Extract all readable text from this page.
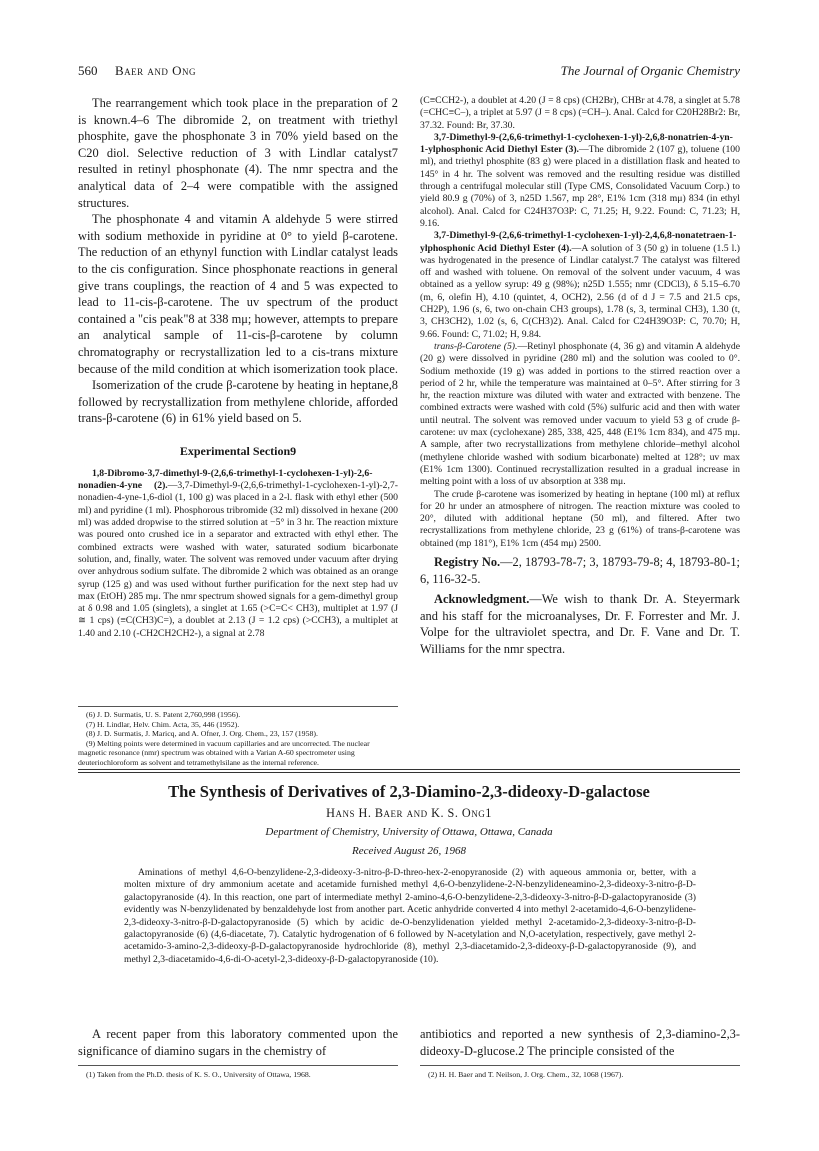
560 Baer and Ong	The Journal of Organic Chemistry

The rearrangement which took place in the preparation of 2 is known.4–6 The dibromide 2, on treatment with triethyl phosphite, gave the phosphonate 3 in 70% yield based on the C20 diol. Selective reduction of 3 with Lindlar catalyst7 resulted in retinyl phosphonate (4). The nmr spectra and the analytical data of 2–4 were compatible with the assigned structures.

The phosphonate 4 and vitamin A aldehyde 5 were stirred with sodium methoxide in pyridine at 0° to yield β-carotene. The reduction of an ethynyl function with Lindlar catalyst leads to the cis configuration. Since phosphonate reactions in general give trans couplings, the reaction of 4 and 5 was expected to lead to 11-cis-β-carotene. The uv spectrum of the product contained a "cis peak"8 at 338 mμ; however, attempts to prepare an analytical sample of 11-cis-β-carotene by column chromatography or recrystallization led to a cis-trans mixture because of the mild condition at which isomerization took place.

Isomerization of the crude β-carotene by heating in heptane,8 followed by recrystallization from methylene chloride, afforded trans-β-carotene (6) in 61% yield based on 5.

Experimental Section9

1,8-Dibromo-3,7-dimethyl-9-(2,6,6-trimethyl-1-cyclohexen-1-yl)-2,6-nonadien-4-yne (2).—3,7-Dimethyl-9-(2,6,6-trimethyl-1-cyclohexen-1-yl)-2,7-nonadien-4-yne-1,6-diol (1, 100 g) was placed in a 2-l. flask with ethyl ether (500 ml) and pyridine (1 ml). Phosphorous tribromide (32 ml) dissolved in hexane (200 ml) was added dropwise to the stirred solution at −5° in 3 hr. The reaction mixture was poured onto crushed ice in a separator and extracted with ethyl ether. The combined extracts were washed with water, saturated sodium bicarbonate solution, and, finally, water. The solvent was removed under vacuum after drying over anhydrous sodium sulfate. The dibromide 2 which was obtained as an orange syrup (125 g) and was used without further purification for the next step had uv max (EtOH) 285 mμ. The nmr spectrum showed signals for a gem-dimethyl group at δ 0.98 and 1.05 (singlets), a singlet at 1.65 (>C=C< CH3), multiplet at 1.97 (J ≅ 1 cps) (≡C(CH3)C=), a doublet at 2.13 (J = 1.2 cps) (>CCH3), a multiplet at 1.40 and 2.10 (-CH2CH2CH2-), a signal at 2.78

(6) J. D. Surmatis, U. S. Patent 2,760,998 (1956).

(7) H. Lindlar, Helv. Chim. Acta, 35, 446 (1952).

(8) J. D. Surmatis, J. Maricq, and A. Ofner, J. Org. Chem., 23, 157 (1958).

(9) Melting points were determined in vacuum capillaries and are uncorrected. The nuclear magnetic resonance (nmr) spectrum was obtained with a Varian A-60 spectrometer using deuteriochloroform as solvent and tetramethylsilane as the internal reference.

(C≡CCH2-), a doublet at 4.20 (J = 8 cps) (CH2Br), CHBr at 4.78, a singlet at 5.78 (=CHC≡C–), a triplet at 5.97 (J = 8 cps) (=CH–). Anal. Calcd for C20H28Br2: Br, 37.32. Found: Br, 37.30.

3,7-Dimethyl-9-(2,6,6-trimethyl-1-cyclohexen-1-yl)-2,6,8-nonatrien-4-yn-1-ylphosphonic Acid Diethyl Ester (3).—The dibromide 2 (107 g), toluene (100 ml), and triethyl phosphite (83 g) were placed in a distillation flask and heated to 145° in 4 hr. The solvent was removed and the resulting residue was distilled through a centrifugal molecular still (Type CMS, Consolidated Vacuum Corp.) to yield 80.9 g (70%) of 3, n25D 1.567, mp 28°, E1% 1cm (318 mμ) 834 (in ethyl alcohol). Anal. Calcd for C24H37O3P: C, 71.25; H, 9.22. Found: C, 71.23; H, 9.16.

3,7-Dimethyl-9-(2,6,6-trimethyl-1-cyclohexen-1-yl)-2,4,6,8-nonatetraen-1-ylphosphonic Acid Diethyl Ester (4).—A solution of 3 (50 g) in toluene (1.5 l.) was hydrogenated in the presence of Lindlar catalyst.7 The catalyst was filtered off and washed with toluene. On removal of the solvent under vacuum, 4 was obtained as a yellow syrup: 49 g (98%); n25D 1.555; nmr (CDCl3), δ 5.15–6.70 (m, 6, olefin H), 4.10 (quintet, 4, OCH2), 2.56 (d of d J = 7.5 and 21.5 cps, CH2P), 1.96 (s, 6, two on-chain CH3 groups), 1.78 (s, 3, terminal CH3), 1.30 (t, 3, CH3CH2), 1.02 (s, 6, C(CH3)2). Anal. Calcd for C24H39O3P: C, 70.70; H, 9.66. Found: C, 71.02; H, 9.84.

trans-β-Carotene (5).—Retinyl phosphonate (4, 36 g) and vitamin A aldehyde (20 g) were dissolved in pyridine (280 ml) and the solution was cooled to 0°. Sodium methoxide (19 g) was added in portions to the stirred reaction over a period of 2 hr, while the temperature was maintained at 0–5°. After stirring for 3 hr, the reaction mixture was diluted with water and extracted with benzene. The combined extracts were washed with cold (5%) sulfuric acid and then with water until neutral. The solvent was removed under vacuum to yield 53 g of crude β-carotene: uv max (cyclohexane) 285, 338, 425, 448 (E1% 1cm 834), and 475 mμ. A sample, after two recrystallizations from methylene chloride–methyl alcohol (methylene chloride washed with sodium bicarbonate) melted at 128°; uv max (E1% 1cm 1300). Continued recrystallization resulted in a gradual increase in melting point with a loss of uv absorption at 338 mμ.

The crude β-carotene was isomerized by heating in heptane (100 ml) at reflux for 20 hr under an atmosphere of nitrogen. The reaction mixture was cooled to 20°, diluted with additional heptane (50 ml), and filtered. After two recrystallizations from methylene chloride, 23 g (61%) of trans-β-carotene was obtained (mp 181°), E1% 1cm (454 mμ) 2500.

Registry No.—2, 18793-78-7; 3, 18793-79-8; 4, 18793-80-1; 6, 116-32-5.

Acknowledgment.—We wish to thank Dr. A. Steyermark and his staff for the microanalyses, Dr. F. Forrester and Mr. J. Volpe for the ultraviolet spectra, and Dr. F. Vane and Dr. T. Williams for the nmr spectra.

The Synthesis of Derivatives of 2,3-Diamino-2,3-dideoxy-D-galactose
Hans H. Baer and K. S. Ong1
Department of Chemistry, University of Ottawa, Ottawa, Canada
Received August 26, 1968

Aminations of methyl 4,6-O-benzylidene-2,3-dideoxy-3-nitro-β-D-threo-hex-2-enopyranoside (2) with aqueous ammonia or, better, with a molten mixture of dry ammonium acetate and acetamide furnished methyl 4,6-O-benzylidene-2-N-benzylideneamino-2,3-dideoxy-3-nitro-β-D-galactopyranoside (4). In this reaction, one part of intermediate methyl 2-amino-4,6-O-benzylidene-2,3-dideoxy-3-nitro-β-D-galactopyranoside (3) evidently was N-benzylidenated by benzaldehyde lost from another part. Acetic anhydride converted 4 into methyl 2-acetamido-4,6-O-benzylidene-2,3-dideoxy-3-nitro-β-D-galactopyranoside (5) which by acidic de-O-benzylidenation yielded methyl 2-acetamido-2,3-dideoxy-3-nitro-β-D-galactopyranoside (6) (4,6-diacetate, 7). Catalytic hydrogenation of 6 followed by N-acetylation and N,O-acetylation, respectively, gave methyl 2-acetamido-3-amino-2,3-dideoxy-β-D-galactopyranoside hydrochloride (8), methyl 2,3-diacetamido-2,3-dideoxy-β-D-galactopyranoside (9), and methyl 2,3-diacetamido-4,6-di-O-acetyl-2,3-dideoxy-β-D-galactopyranoside (10).

A recent paper from this laboratory commented upon the significance of diamino sugars in the chemistry of

(1) Taken from the Ph.D. thesis of K. S. O., University of Ottawa, 1968.

antibiotics and reported a new synthesis of 2,3-diamino-2,3-dideoxy-D-glucose.2 The principle consisted of the

(2) H. H. Baer and T. Neilson, J. Org. Chem., 32, 1068 (1967).
